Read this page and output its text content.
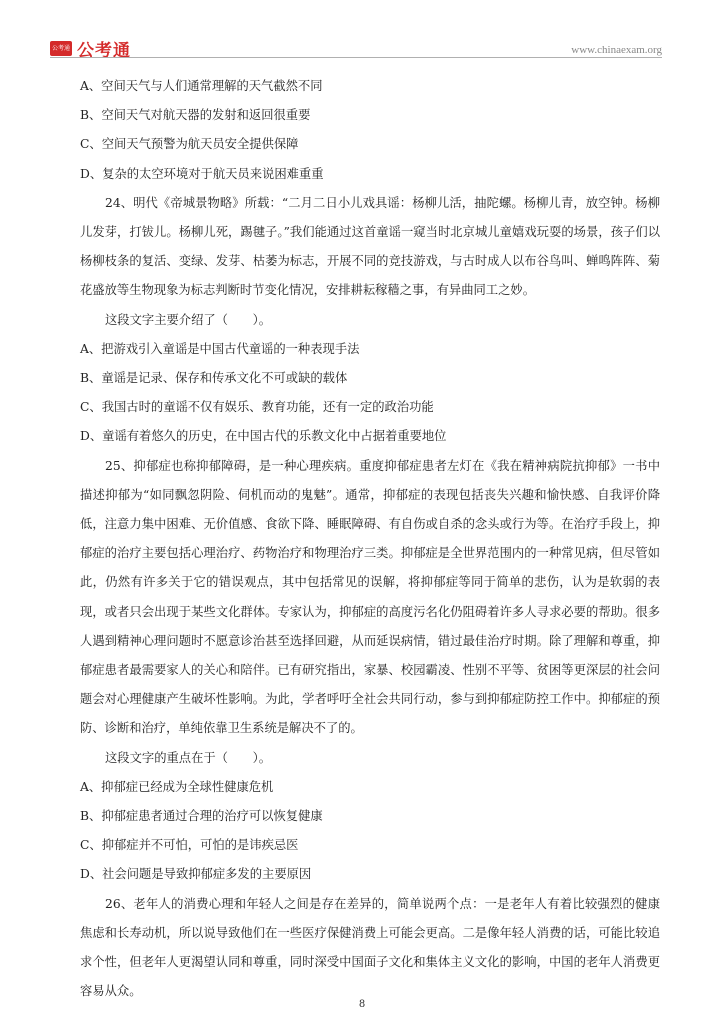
公考通 公考通	www.chinaexam.org

A、空间天气与人们通常理解的天气截然不同

B、空间天气对航天器的发射和返回很重要

C、空间天气预警为航天员安全提供保障

D、复杂的太空环境对于航天员来说困难重重

24、明代《帝城景物略》所载：“二月二日小儿戏具谣：杨柳儿活，抽陀螺。杨柳儿青，放空钟。杨柳儿发芽，打钹儿。杨柳儿死，踢毽子。”我们能通过这首童谣一窥当时北京城儿童嬉戏玩耍的场景，孩子们以杨柳枝条的复活、变绿、发芽、枯萎为标志，开展不同的竞技游戏，与古时成人以布谷鸟叫、蝉鸣阵阵、菊花盛放等生物现象为标志判断时节变化情况，安排耕耘稼穑之事，有异曲同工之妙。

这段文字主要介绍了（　　）。

A、把游戏引入童谣是中国古代童谣的一种表现手法

B、童谣是记录、保存和传承文化不可或缺的载体

C、我国古时的童谣不仅有娱乐、教育功能，还有一定的政治功能

D、童谣有着悠久的历史，在中国古代的乐教文化中占据着重要地位

25、抑郁症也称抑郁障碍，是一种心理疾病。重度抑郁症患者左灯在《我在精神病院抗抑郁》一书中描述抑郁为“如同飘忽阴险、伺机而动的鬼魅”。通常，抑郁症的表现包括丧失兴趣和愉快感、自我评价降低，注意力集中困难、无价值感、食欲下降、睡眠障碍、有自伤或自杀的念头或行为等。在治疗手段上，抑郁症的治疗主要包括心理治疗、药物治疗和物理治疗三类。抑郁症是全世界范围内的一种常见病，但尽管如此，仍然有许多关于它的错误观点，其中包括常见的误解，将抑郁症等同于简单的悲伤，认为是软弱的表现，或者只会出现于某些文化群体。专家认为，抑郁症的高度污名化仍阻碍着许多人寻求必要的帮助。很多人遇到精神心理问题时不愿意诊治甚至选择回避，从而延误病情，错过最佳治疗时期。除了理解和尊重，抑郁症患者最需要家人的关心和陪伴。已有研究指出，家暴、校园霸凌、性别不平等、贫困等更深层的社会问题会对心理健康产生破坏性影响。为此，学者呼吁全社会共同行动，参与到抑郁症防控工作中。抑郁症的预防、诊断和治疗，单纯依靠卫生系统是解决不了的。

这段文字的重点在于（　　）。

A、抑郁症已经成为全球性健康危机

B、抑郁症患者通过合理的治疗可以恢复健康

C、抑郁症并不可怕，可怕的是讳疾忌医

D、社会问题是导致抑郁症多发的主要原因

26、老年人的消费心理和年轻人之间是存在差异的，简单说两个点：一是老年人有着比较强烈的健康焦虑和长寿动机，所以说导致他们在一些医疗保健消费上可能会更高。二是像年轻人消费的话，可能比较追求个性，但老年人更渴望认同和尊重，同时深受中国面子文化和集体主义文化的影响，中国的老年人消费更容易从众。

8
